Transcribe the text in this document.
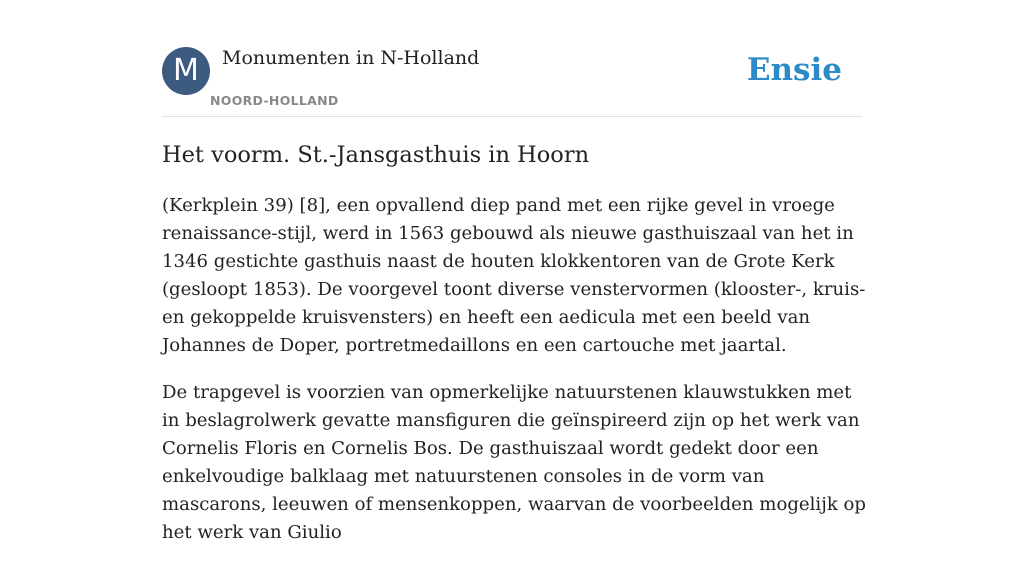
M	Monumenten in N-Holland
NOORD-HOLLAND
Ensie
Het voorm. St.-Jansgasthuis in Hoorn

(Kerkplein 39) [8], een opvallend diep pand met een rijke gevel in vroege renaissance-stijl, werd in 1563 gebouwd als nieuwe gasthuiszaal van het in 1346 gestichte gasthuis naast de houten klokkentoren van de Grote Kerk (gesloopt 1853). De voorgevel toont diverse venstervormen (klooster-, kruis- en gekoppelde kruisvensters) en heeft een aedicula met een beeld van Johannes de Doper, portretmedaillons en een cartouche met jaartal.

De trapgevel is voorzien van opmerkelijke natuurstenen klauwstukken met in beslagrolwerk gevatte mansfiguren die geïnspireerd zijn op het werk van Cornelis Floris en Cornelis Bos. De gasthuiszaal wordt gedekt door een enkelvoudige balklaag met natuurstenen consoles in de vorm van mascarons, leeuwen of mensenkoppen, waarvan de voorbeelden mogelijk op het werk van Giulio
